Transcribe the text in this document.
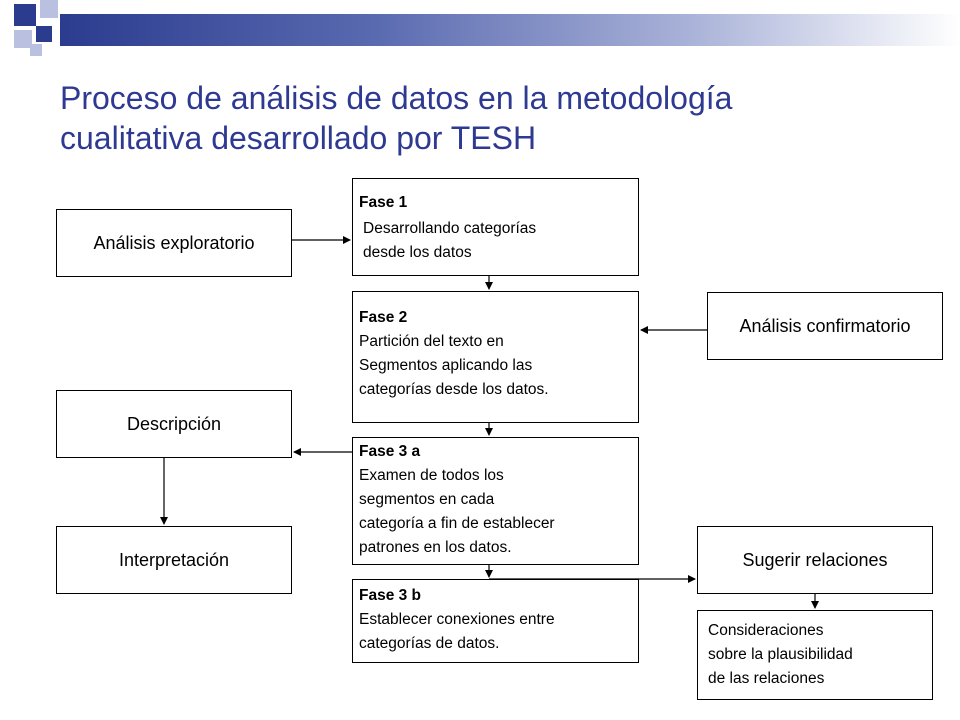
Proceso de análisis de datos en la metodología
cualitativa desarrollado por TESH
Análisis exploratorio
Descripción
Interpretación
Fase 1
Desarrollando categorías
desde los datos
Fase 2
Partición del texto en
Segmentos aplicando las
categorías desde los datos.
Fase 3 a
Examen de todos los
segmentos en cada
categoría a fin de establecer
patrones en los datos.
Fase 3 b
Establecer conexiones entre
categorías de datos.
Análisis confirmatorio
Sugerir relaciones
Consideraciones
sobre la plausibilidad
de las relaciones
